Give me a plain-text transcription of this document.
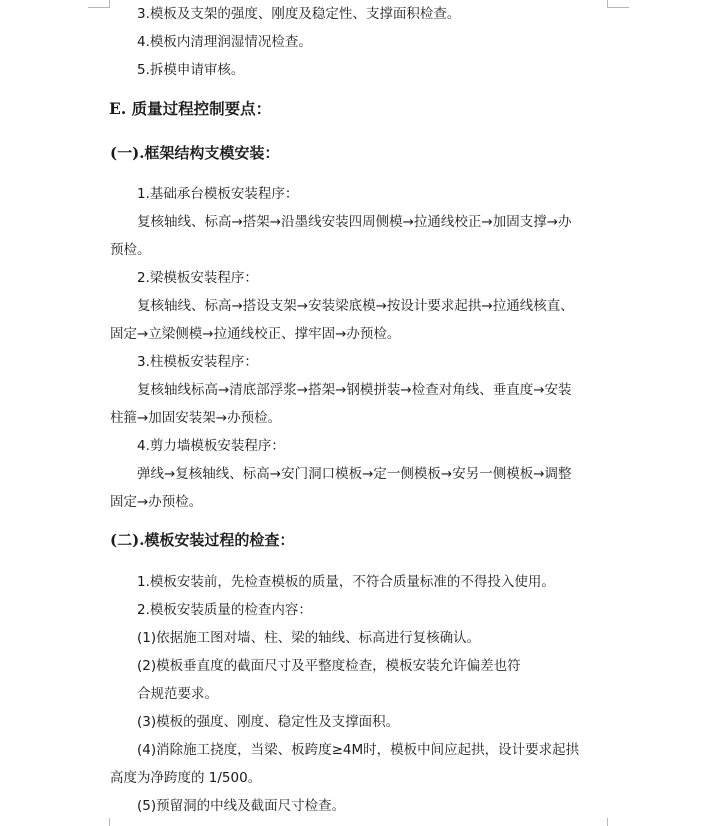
3.模板及支架的强度、刚度及稳定性、支撑面积检查。
4.模板内清理润湿情况检查。
5.拆模申请审核。
E. 质量过程控制要点：
(一).框架结构支模安装：
1.基础承台模板安装程序：
复核轴线、标高→搭架→沿墨线安装四周侧模→拉通线校正→加固支撑→办
预检。
2.梁模板安装程序：
复核轴线、标高→搭设支架→安装梁底模→按设计要求起拱→拉通线核直、
固定→立梁侧模→拉通线校正、撑牢固→办预检。
3.柱模板安装程序：
复核轴线标高→清底部浮浆→搭架→钢模拼装→检查对角线、垂直度→安装
柱箍→加固安装架→办预检。
4.剪力墙模板安装程序：
弹线→复核轴线、标高→安门洞口模板→定一侧模板→安另一侧模板→调整
固定→办预检。
(二).模板安装过程的检查：
1.模板安装前，先检查模板的质量，不符合质量标准的不得投入使用。
2.模板安装质量的检查内容：
(1)依据施工图对墙、柱、梁的轴线、标高进行复核确认。
(2)模板垂直度的截面尺寸及平整度检查，模板安装允许偏差也符
合规范要求。
(3)模板的强度、刚度、稳定性及支撑面积。
(4)消除施工挠度，当梁、板跨度≥4M时，模板中间应起拱，设计要求起拱
高度为净跨度的 1/500。
(5)预留洞的中线及截面尺寸检查。
